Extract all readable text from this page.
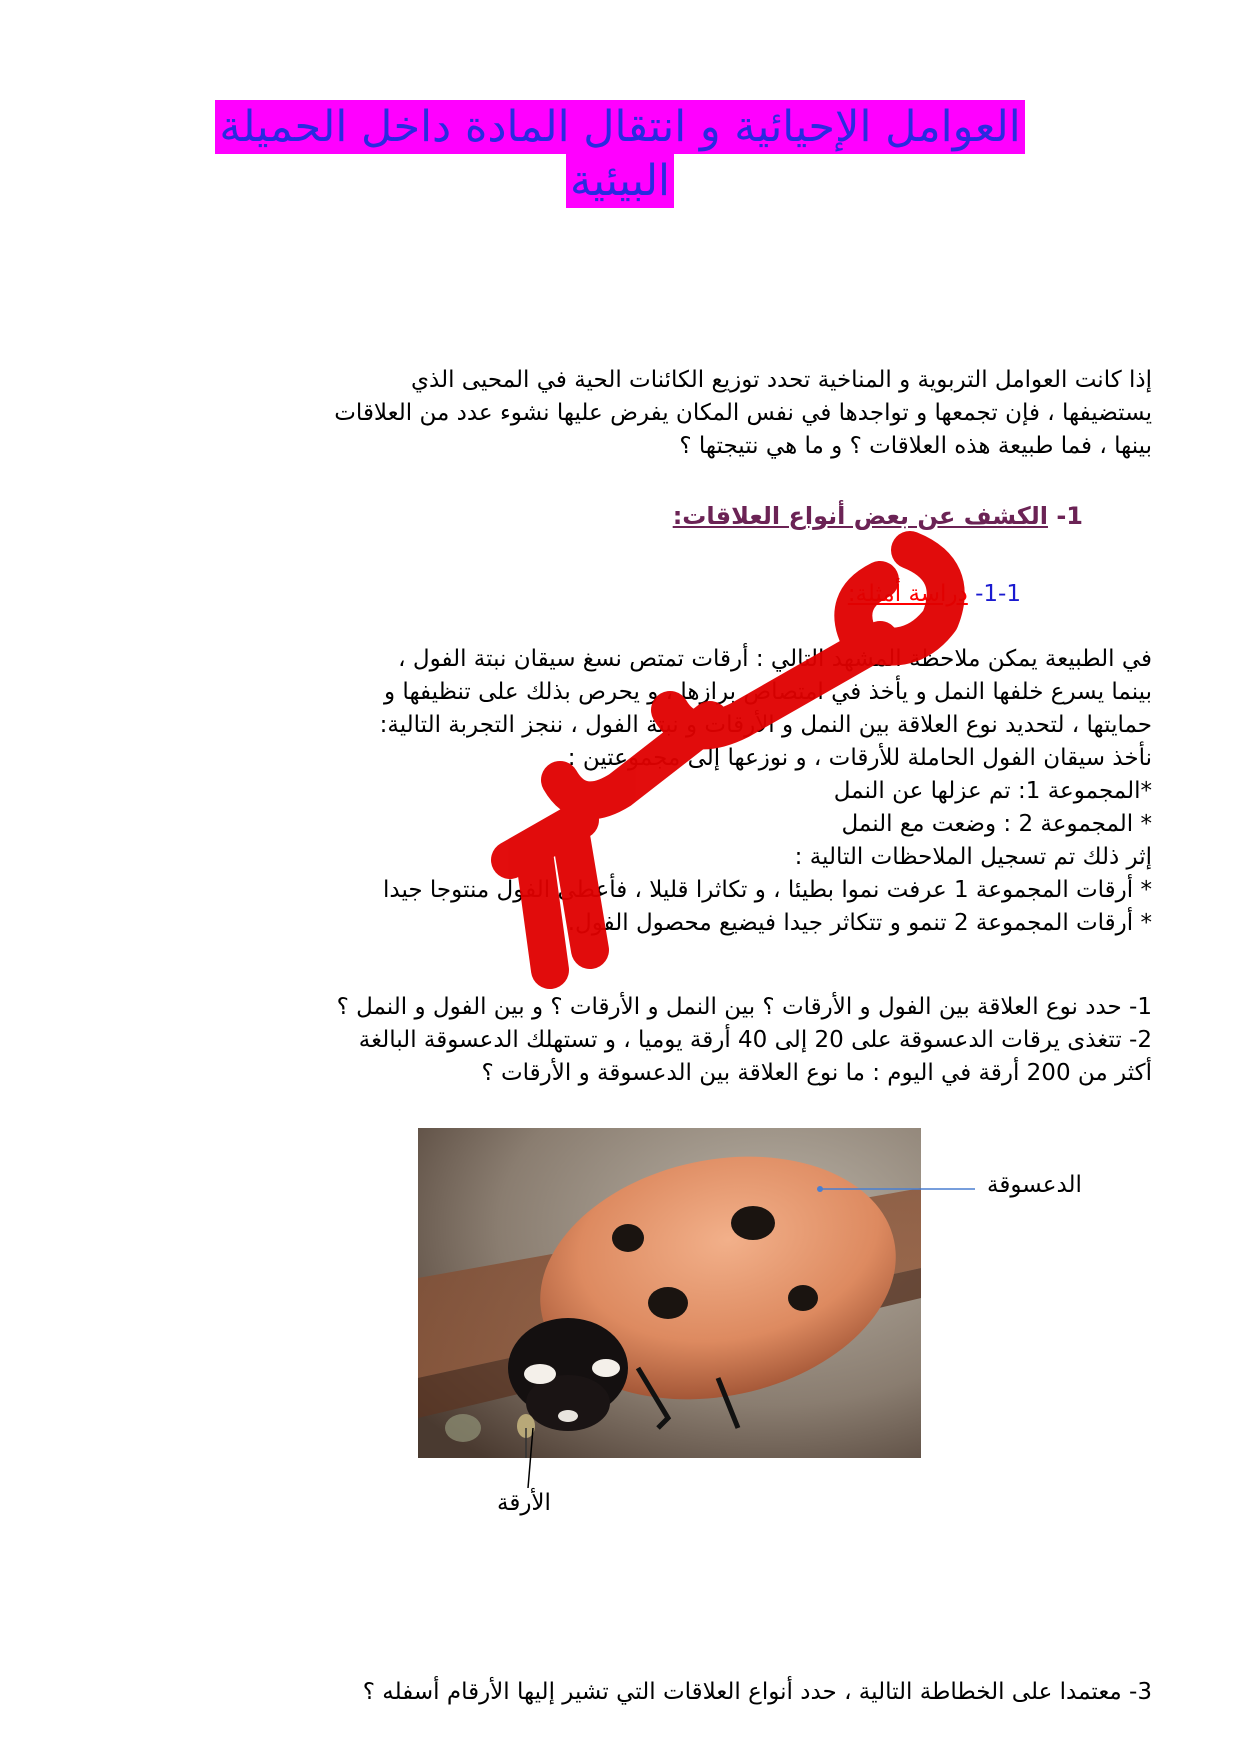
العوامل الإحيائية و انتقال المادة داخل الحميلة
البيئية
إذا كانت العوامل التربوية و المناخية تحدد توزيع الكائنات الحية في المحيى الذي
يستضيفها ، فإن تجمعها و تواجدها في نفس المكان يفرض عليها نشوء عدد من العلاقات
بينها ، فما طبيعة هذه العلاقات ؟ و ما هي نتيجتها ؟
1- الكشف عن بعض أنواع العلاقات:
1-1- دراسة أمثلة:
في الطبيعة يمكن ملاحظة المشهد التالي : أرقات تمتص نسغ سيقان نبتة الفول ،
بينما يسرع خلفها النمل و يأخذ في امتصاص برازها ، و يحرص بذلك على تنظيفها و
حمايتها ، لتحديد نوع العلاقة بين النمل و الأرقات و نبتة الفول ، ننجز التجربة التالية:
نأخذ سيقان الفول الحاملة للأرقات ، و نوزعها إلى مجموعتين :
*المجموعة 1: تم عزلها عن النمل
* المجموعة 2 : وضعت مع النمل
إثر ذلك تم تسجيل الملاحظات التالية :
* أرقات المجموعة 1 عرفت نموا بطيئا ، و تكاثرا قليلا ، فأعطى الفول منتوجا جيدا
* أرقات المجموعة 2 تنمو و تتكاثر جيدا فيضيع محصول الفول.
1- حدد نوع العلاقة بين الفول و الأرقات ؟ بين النمل و الأرقات ؟ و بين الفول و النمل ؟
2- تتغذى يرقات الدعسوقة على 20 إلى 40 أرقة يوميا ، و تستهلك الدعسوقة البالغة
أكثر من 200 أرقة في اليوم : ما نوع العلاقة بين الدعسوقة و الأرقات ؟
الدعسوقة
الأرقة
3- معتمدا على الخطاطة التالية ، حدد أنواع العلاقات التي تشير إليها الأرقام أسفله ؟
